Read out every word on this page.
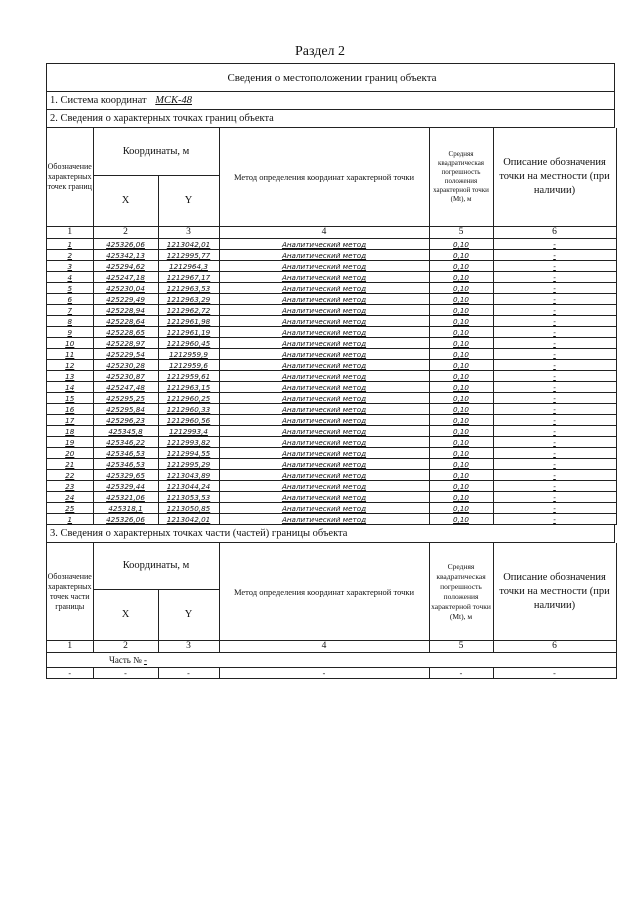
Раздел 2
Сведения о местоположении границ объекта
1. Система координат МСК-48
2. Сведения о характерных точках границ объекта
Обозначение характерных точек границ	Координаты, м		Метод определения координат характерной точки	Средняя квадратическая погрешность положения характерной точки (Мt), м	Описание обозначения точки на местности (при наличии)
	X	Y			
1	2	3	4	5	6
1	425326,06	1213042,01	Аналитический метод	0,10	-
2	425342,13	1212995,77	Аналитический метод	0,10	-
3	425294,62	1212964,3	Аналитический метод	0,10	-
4	425247,18	1212967,17	Аналитический метод	0,10	-
5	425230,04	1212963,53	Аналитический метод	0,10	-
6	425229,49	1212963,29	Аналитический метод	0,10	-
7	425228,94	1212962,72	Аналитический метод	0,10	-
8	425228,64	1212961,98	Аналитический метод	0,10	-
9	425228,65	1212961,19	Аналитический метод	0,10	-
10	425228,97	1212960,45	Аналитический метод	0,10	-
11	425229,54	1212959,9	Аналитический метод	0,10	-
12	425230,28	1212959,6	Аналитический метод	0,10	-
13	425230,87	1212959,61	Аналитический метод	0,10	-
14	425247,48	1212963,15	Аналитический метод	0,10	-
15	425295,25	1212960,25	Аналитический метод	0,10	-
16	425295,84	1212960,33	Аналитический метод	0,10	-
17	425296,23	1212960,56	Аналитический метод	0,10	-
18	425345,8	1212993,4	Аналитический метод	0,10	-
19	425346,22	1212993,82	Аналитический метод	0,10	-
20	425346,53	1212994,55	Аналитический метод	0,10	-
21	425346,53	1212995,29	Аналитический метод	0,10	-
22	425329,65	1213043,89	Аналитический метод	0,10	-
23	425329,44	1213044,24	Аналитический метод	0,10	-
24	425321,06	1213053,53	Аналитический метод	0,10	-
25	425318,1	1213050,85	Аналитический метод	0,10	-
1	425326,06	1213042,01	Аналитический метод	0,10	-
3. Сведения о характерных точках части (частей) границы объекта
Обозначение характерных точек части границы	Координаты, м		Метод определения координат характерной точки	Средняя квадратическая погрешность положения характерной точки (Мt), м	Описание обозначения точки на местности (при наличии)
	X	Y			
1	2	3	4	5	6
Часть № -					
-	-	-	-	-	-
